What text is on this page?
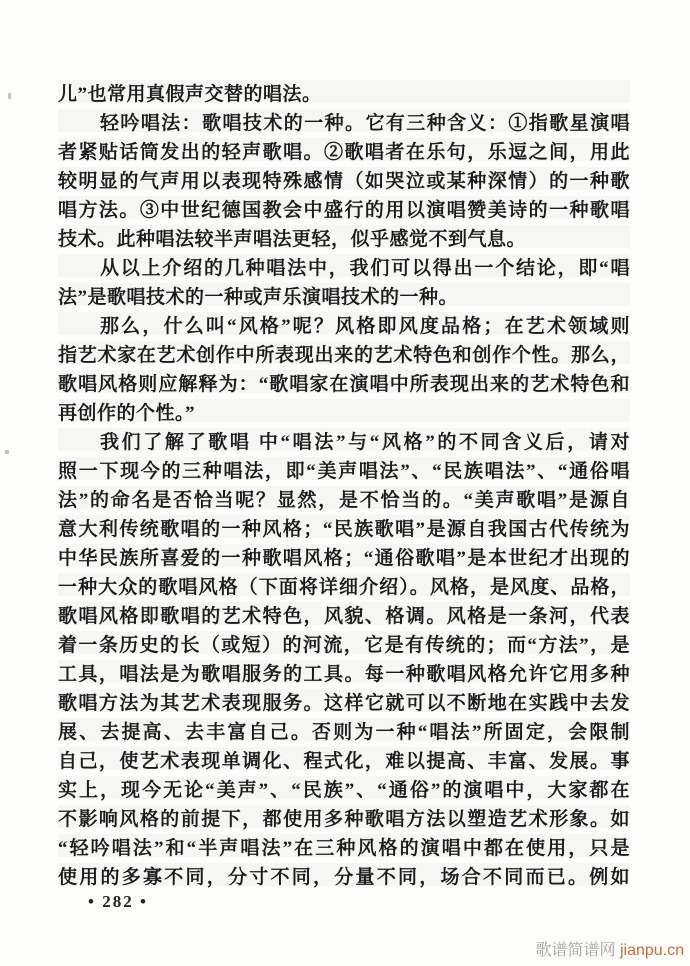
儿”也常用真假声交替的唱法。
轻吟唱法：歌唱技术的一种。它有三种含义：①指歌星演唱
者紧贴话筒发出的轻声歌唱。②歌唱者在乐句，乐逗之间，用此
较明显的气声用以表现特殊感情（如哭泣或某种深情）的一种歌
唱方法。③中世纪德国教会中盛行的用以演唱赞美诗的一种歌唱
技术。此种唱法较半声唱法更轻，似乎感觉不到气息。
从以上介绍的几种唱法中，我们可以得出一个结论，即“唱
法”是歌唱技术的一种或声乐演唱技术的一种。
那么，什么叫“风格”呢？风格即风度品格；在艺术领域则
指艺术家在艺术创作中所表现出来的艺术特色和创作个性。那么，
歌唱风格则应解释为：“歌唱家在演唱中所表现出来的艺术特色和
再创作的个性。”
我们了解了歌唱 中“唱法”与“风格”的不同含义后，请对
照一下现今的三种唱法，即“美声唱法”、“民族唱法”、“通俗唱
法”的命名是否恰当呢？显然，是不恰当的。“美声歌唱”是源自
意大利传统歌唱的一种风格；“民族歌唱”是源自我国古代传统为
中华民族所喜爱的一种歌唱风格；“通俗歌唱”是本世纪才出现的
一种大众的歌唱风格（下面将详细介绍）。风格，是风度、品格，
歌唱风格即歌唱的艺术特色，风貌、格调。风格是一条河，代表
着一条历史的长（或短）的河流，它是有传统的；而“方法”，是
工具，唱法是为歌唱服务的工具。每一种歌唱风格允许它用多种
歌唱方法为其艺术表现服务。这样它就可以不断地在实践中去发
展、去提高、去丰富自己。否则为一种“唱法”所固定，会限制
自己，使艺术表现单调化、程式化，难以提高、丰富、发展。事
实上，现今无论“美声”、“民族”、“通俗”的演唱中，大家都在
不影响风格的前提下，都使用多种歌唱方法以塑造艺术形象。如
“轻吟唱法”和“半声唱法”在三种风格的演唱中都在使用，只是
使用的多寡不同，分寸不同，分量不同，场合不同而已。例如
• 282 •
歌谱简谱网 jianpu.cn
